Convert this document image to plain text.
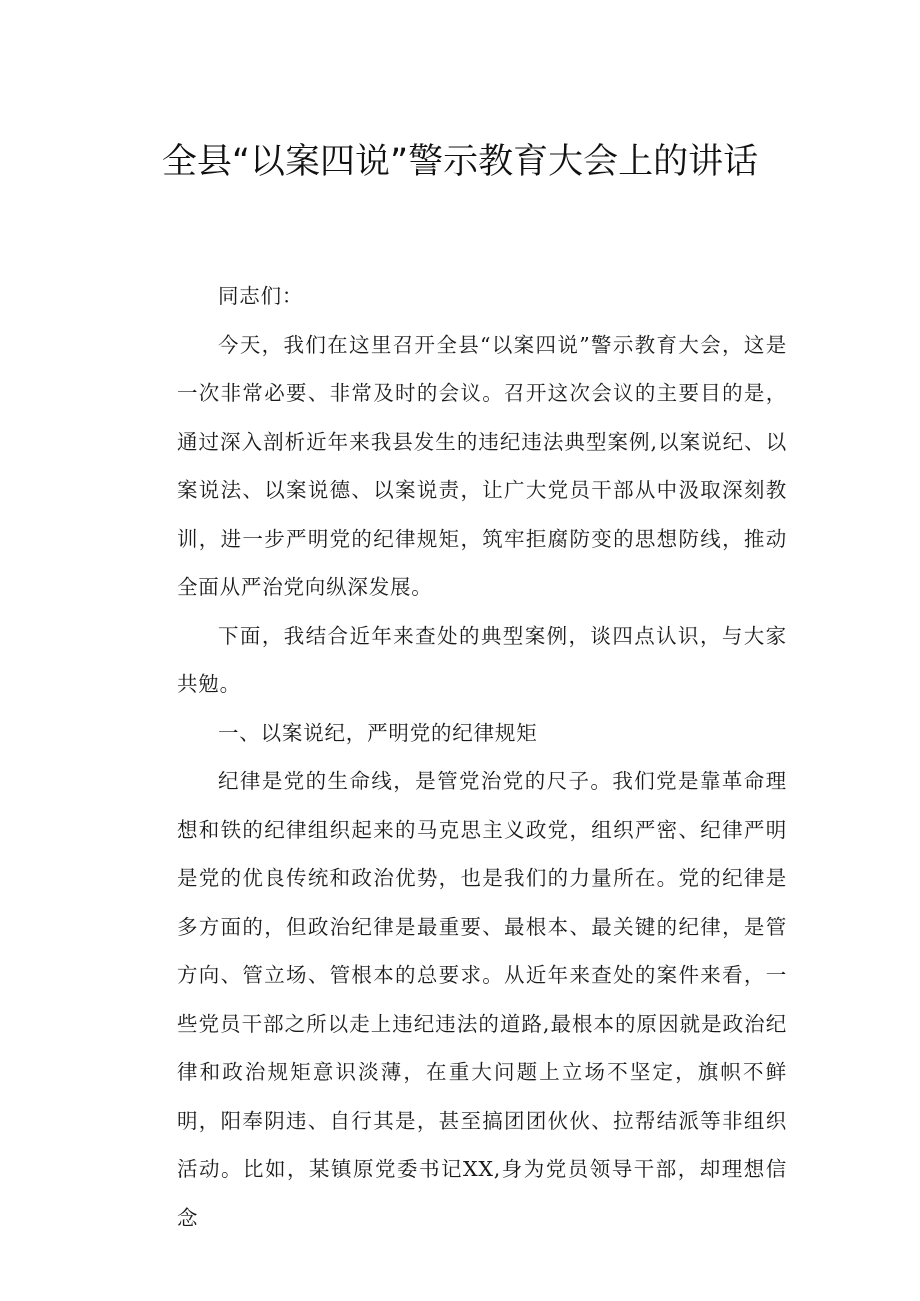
全县“以案四说”警示教育大会上的讲话

同志们：

今天，我们在这里召开全县“以案四说”警示教育大会，这是一次非常必要、非常及时的会议。召开这次会议的主要目的是，通过深入剖析近年来我县发生的违纪违法典型案例,以案说纪、以案说法、以案说德、以案说责，让广大党员干部从中汲取深刻教训，进一步严明党的纪律规矩，筑牢拒腐防变的思想防线，推动全面从严治党向纵深发展。

下面，我结合近年来查处的典型案例，谈四点认识，与大家共勉。

一、以案说纪，严明党的纪律规矩

纪律是党的生命线，是管党治党的尺子。我们党是靠革命理想和铁的纪律组织起来的马克思主义政党，组织严密、纪律严明是党的优良传统和政治优势，也是我们的力量所在。党的纪律是多方面的，但政治纪律是最重要、最根本、最关键的纪律，是管方向、管立场、管根本的总要求。从近年来查处的案件来看，一些党员干部之所以走上违纪违法的道路,最根本的原因就是政治纪律和政治规矩意识淡薄，在重大问题上立场不坚定，旗帜不鲜明，阳奉阴违、自行其是，甚至搞团团伙伙、拉帮结派等非组织活动。比如，某镇原党委书记XX,身为党员领导干部，却理想信念
